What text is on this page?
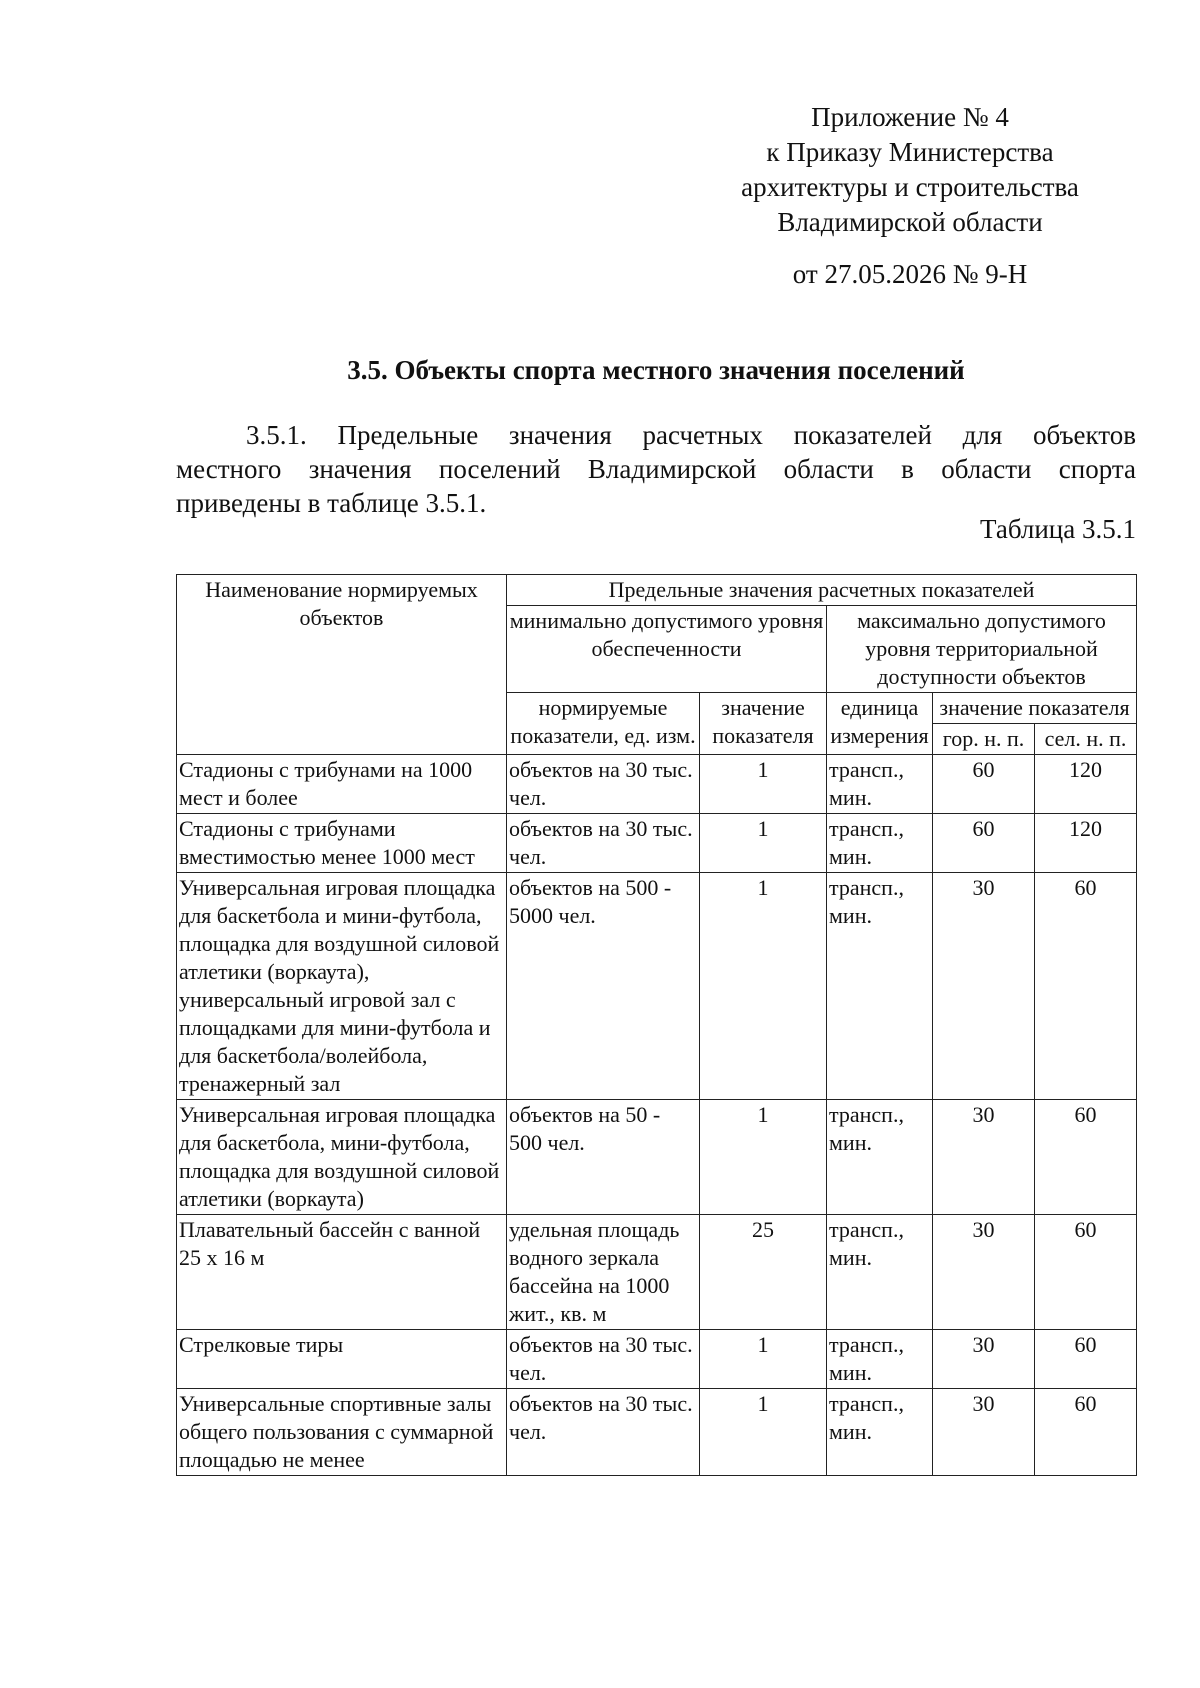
Приложение № 4
к Приказу Министерства
архитектуры и строительства
Владимирской области
от 27.05.2026 № 9-Н
3.5. Объекты спорта местного значения поселений
3.5.1. Предельные значения расчетных показателей для объектов
местного значения поселений Владимирской области в области спорта
приведены в таблице 3.5.1.
Таблица 3.5.1
Наименование нормируемых объектов	Предельные значения расчетных показателей				
	минимально допустимого уровня обеспеченности		максимально допустимого уровня территориальной доступности объектов		
	нормируемые показатели, ед. изм.	значение показателя	единица измерения	значение показателя	
				гор. н. п.	сел. н. п.
Стадионы с трибунами на 1000 мест и более	объектов на 30 тыс. чел.	1	трансп., мин.	60	120
Стадионы с трибунами вместимостью менее 1000 мест	объектов на 30 тыс. чел.	1	трансп., мин.	60	120
Универсальная игровая площадка для баскетбола и мини-футбола, площадка для воздушной силовой атлетики (воркаута), универсальный игровой зал с площадками для мини-футбола и для баскетбола/волейбола, тренажерный зал	объектов на 500 - 5000 чел.	1	трансп., мин.	30	60
Универсальная игровая площадка для баскетбола, мини-футбола, площадка для воздушной силовой атлетики (воркаута)	объектов на 50 - 500 чел.	1	трансп., мин.	30	60
Плавательный бассейн с ванной 25 х 16 м	удельная площадь водного зеркала бассейна на 1000 жит., кв. м	25	трансп., мин.	30	60
Стрелковые тиры	объектов на 30 тыс. чел.	1	трансп., мин.	30	60
Универсальные спортивные залы общего пользования с суммарной площадью не менее	объектов на 30 тыс. чел.	1	трансп., мин.	30	60
